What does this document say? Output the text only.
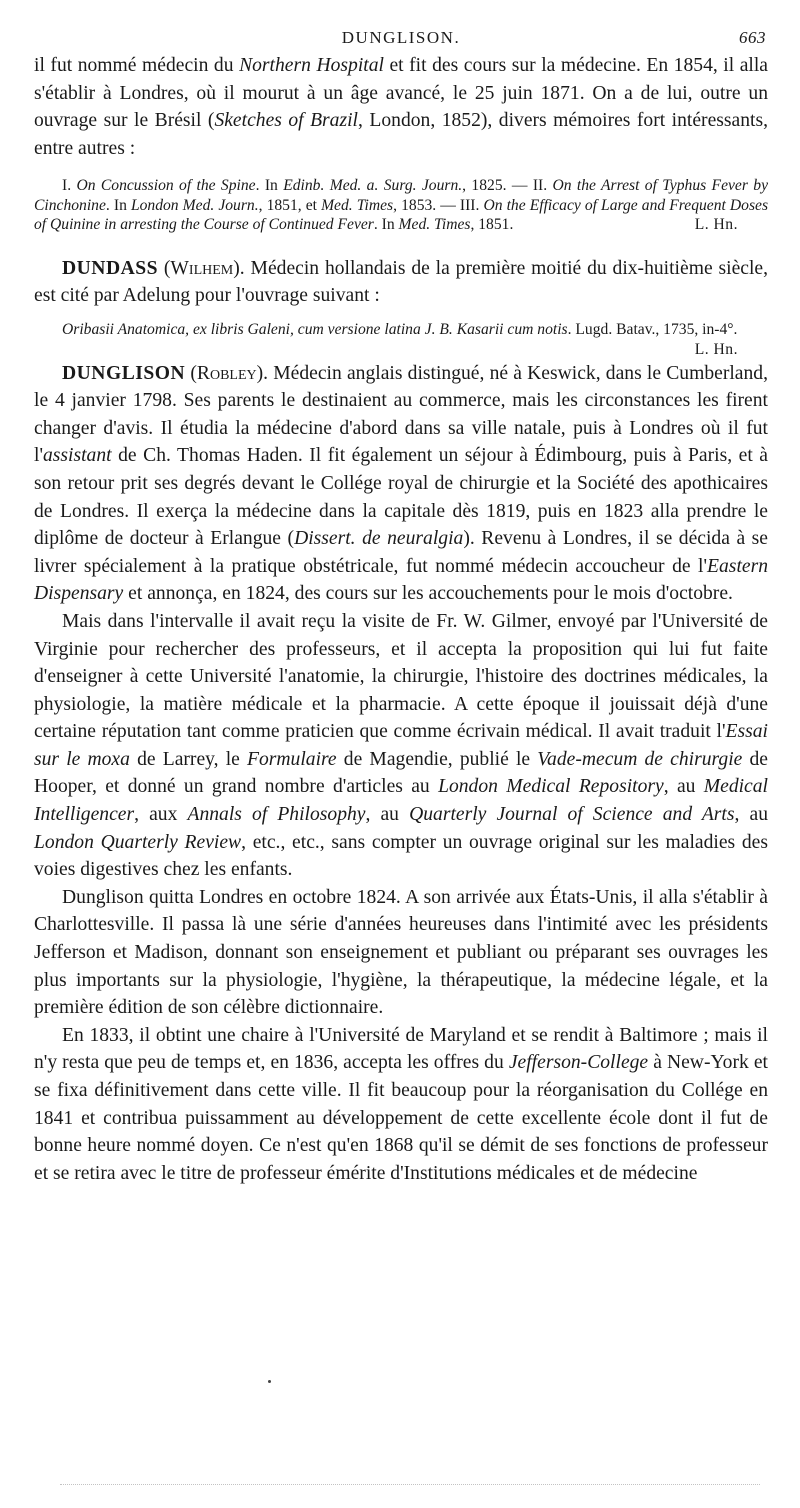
DUNGLISON.	663

il fut nommé médecin du Northern Hospital et fit des cours sur la médecine. En 1854, il alla s'établir à Londres, où il mourut à un âge avancé, le 25 juin 1871. On a de lui, outre un ouvrage sur le Brésil (Sketches of Brazil, London, 1852), divers mémoires fort intéressants, entre autres :

I. On Concussion of the Spine. In Edinb. Med. a. Surg. Journ., 1825. — II. On the Arrest of Typhus Fever by Cinchonine. In London Med. Journ., 1851, et Med. Times, 1853. — III. On the Efficacy of Large and Frequent Doses of Quinine in arresting the Course of Continued Fever. In Med. Times, 1851.	L. Hn.

DUNDASS (Wilhem). Médecin hollandais de la première moitié du dix-huitième siècle, est cité par Adelung pour l'ouvrage suivant :

Oribasii Anatomica, ex libris Galeni, cum versione latina J. B. Kasarii cum notis. Lugd. Batav., 1735, in-4°.
L. Hn.

DUNGLISON (Robley). Médecin anglais distingué, né à Keswick, dans le Cumberland, le 4 janvier 1798. Ses parents le destinaient au commerce, mais les circonstances les firent changer d'avis. Il étudia la médecine d'abord dans sa ville natale, puis à Londres où il fut l'assistant de Ch. Thomas Haden. Il fit également un séjour à Édimbourg, puis à Paris, et à son retour prit ses degrés devant le Collége royal de chirurgie et la Société des apothicaires de Londres. Il exerça la médecine dans la capitale dès 1819, puis en 1823 alla prendre le diplôme de docteur à Erlangue (Dissert. de neuralgia). Revenu à Londres, il se décida à se livrer spécialement à la pratique obstétricale, fut nommé médecin accoucheur de l'Eastern Dispensary et annonça, en 1824, des cours sur les accouchements pour le mois d'octobre.

Mais dans l'intervalle il avait reçu la visite de Fr. W. Gilmer, envoyé par l'Université de Virginie pour rechercher des professeurs, et il accepta la proposition qui lui fut faite d'enseigner à cette Université l'anatomie, la chirurgie, l'histoire des doctrines médicales, la physiologie, la matière médicale et la pharmacie. A cette époque il jouissait déjà d'une certaine réputation tant comme praticien que comme écrivain médical. Il avait traduit l'Essai sur le moxa de Larrey, le Formulaire de Magendie, publié le Vade-mecum de chirurgie de Hooper, et donné un grand nombre d'articles au London Medical Repository, au Medical Intelligencer, aux Annals of Philosophy, au Quarterly Journal of Science and Arts, au London Quarterly Review, etc., etc., sans compter un ouvrage original sur les maladies des voies digestives chez les enfants.

Dunglison quitta Londres en octobre 1824. A son arrivée aux États-Unis, il alla s'établir à Charlottesville. Il passa là une série d'années heureuses dans l'intimité avec les présidents Jefferson et Madison, donnant son enseignement et publiant ou préparant ses ouvrages les plus importants sur la physiologie, l'hygiène, la thérapeutique, la médecine légale, et la première édition de son célèbre dictionnaire.

En 1833, il obtint une chaire à l'Université de Maryland et se rendit à Baltimore ; mais il n'y resta que peu de temps et, en 1836, accepta les offres du Jefferson-College à New-York et se fixa définitivement dans cette ville. Il fit beaucoup pour la réorganisation du Collége en 1841 et contribua puissamment au développement de cette excellente école dont il fut de bonne heure nommé doyen. Ce n'est qu'en 1868 qu'il se démit de ses fonctions de professeur et se retira avec le titre de professeur émérite d'Institutions médicales et de médecine
